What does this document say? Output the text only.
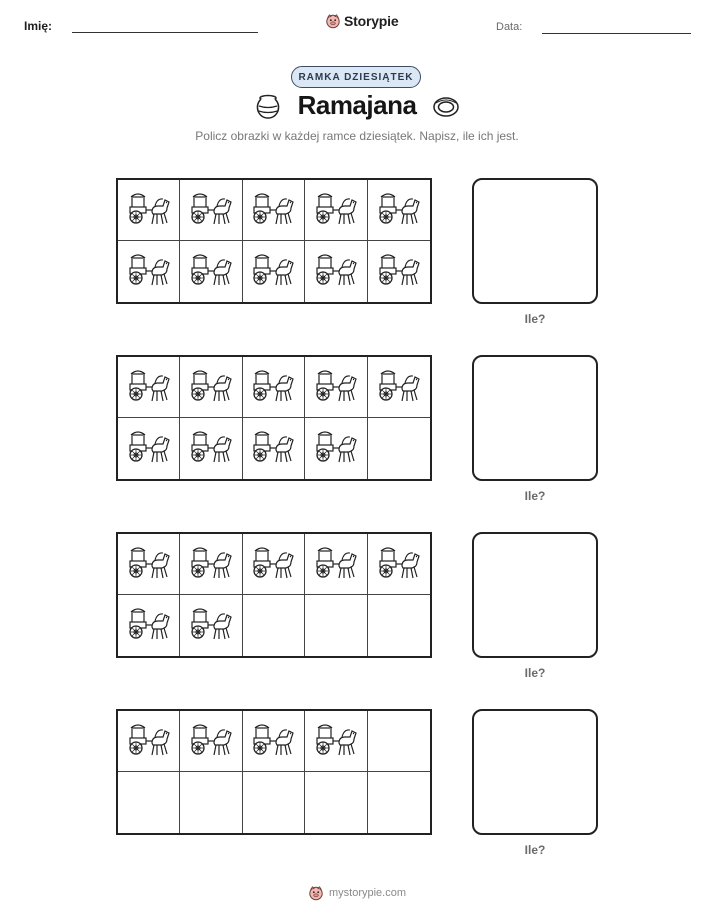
Imię:	Storypie	Data:
RAMKA DZIESIĄTEK
Ramajana
Policz obrazki w każdej ramce dziesiątek. Napisz, ile ich jest.
Ile?
Ile?
Ile?
Ile?
mystorypie.com
